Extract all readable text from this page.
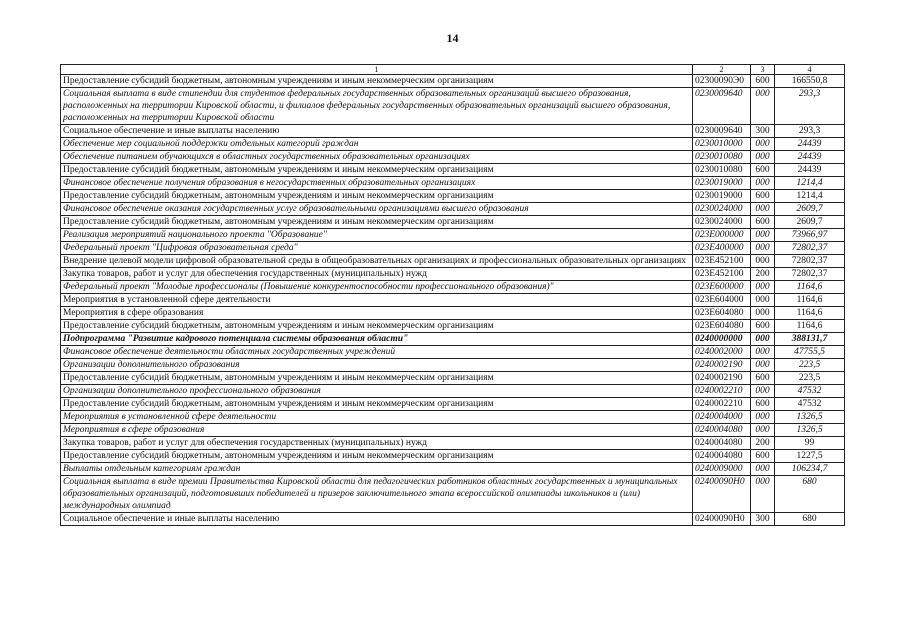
14
1	2	3	4
Предоставление субсидий бюджетным, автономным учреждениям и иным некоммерческим организациям	02300090Э0	600	166550,8
Социальная выплата в виде стипендии для студентов федеральных государственных образовательных организаций высшего образования, расположенных на территории Кировской области, и филиалов федеральных государственных образовательных организаций высшего образования, расположенных на территории Кировской области	0230009640	000	293,3
Социальное обеспечение и иные выплаты населению	0230009640	300	293,3
Обеспечение мер социальной поддержки отдельных категорий граждан	0230010000	000	24439
Обеспечение питанием обучающихся в областных государственных образовательных организациях	0230010080	000	24439
Предоставление субсидий бюджетным, автономным учреждениям и иным некоммерческим организациям	0230010080	600	24439
Финансовое обеспечение получения образования в негосударственных образовательных организациях	0230019000	000	1214,4
Предоставление субсидий бюджетным, автономным учреждениям и иным некоммерческим организациям	0230019000	600	1214,4
Финансовое обеспечение оказания государственных услуг образовательными организациями высшего образования	0230024000	000	2609,7
Предоставление субсидий бюджетным, автономным учреждениям и иным некоммерческим организациям	0230024000	600	2609,7
Реализация мероприятий национального проекта "Образование"	023Е000000	000	73966,97
Федеральный проект "Цифровая образовательная среда"	023Е400000	000	72802,37
Внедрение целевой модели цифровой образовательной среды в общеобразовательных организациях и профессиональных образовательных организациях	023Е452100	000	72802,37
Закупка товаров, работ и услуг для обеспечения государственных (муниципальных) нужд	023Е452100	200	72802,37
Федеральный проект "Молодые профессионалы (Повышение конкурентоспособности профессионального образования)"	023Е600000	000	1164,6
Мероприятия в установленной сфере деятельности	023Е604000	000	1164,6
Мероприятия в сфере образования	023Е604080	000	1164,6
Предоставление субсидий бюджетным, автономным учреждениям и иным некоммерческим организациям	023Е604080	600	1164,6
Подпрограмма "Развитие кадрового потенциала системы образования области"	0240000000	000	388131,7
Финансовое обеспечение деятельности областных государственных учреждений	0240002000	000	47755,5
Организации дополнительного образования	0240002190	000	223,5
Предоставление субсидий бюджетным, автономным учреждениям и иным некоммерческим организациям	0240002190	600	223,5
Организации дополнительного профессионального образования	0240002210	000	47532
Предоставление субсидий бюджетным, автономным учреждениям и иным некоммерческим организациям	0240002210	600	47532
Мероприятия в установленной сфере деятельности	0240004000	000	1326,5
Мероприятия в сфере образования	0240004080	000	1326,5
Закупка товаров, работ и услуг для обеспечения государственных (муниципальных) нужд	0240004080	200	99
Предоставление субсидий бюджетным, автономным учреждениям и иным некоммерческим организациям	0240004080	600	1227,5
Выплаты отдельным категориям граждан	0240009000	000	106234,7
Социальная выплата в виде премии Правительства Кировской области для педагогических работников областных государственных и муниципальных образовательных организаций, подготовивших победителей и призеров заключительного этапа всероссийской олимпиады школьников и (или) международных олимпиад	02400090Н0	000	680
Социальное обеспечение и иные выплаты населению	02400090Н0	300	680
